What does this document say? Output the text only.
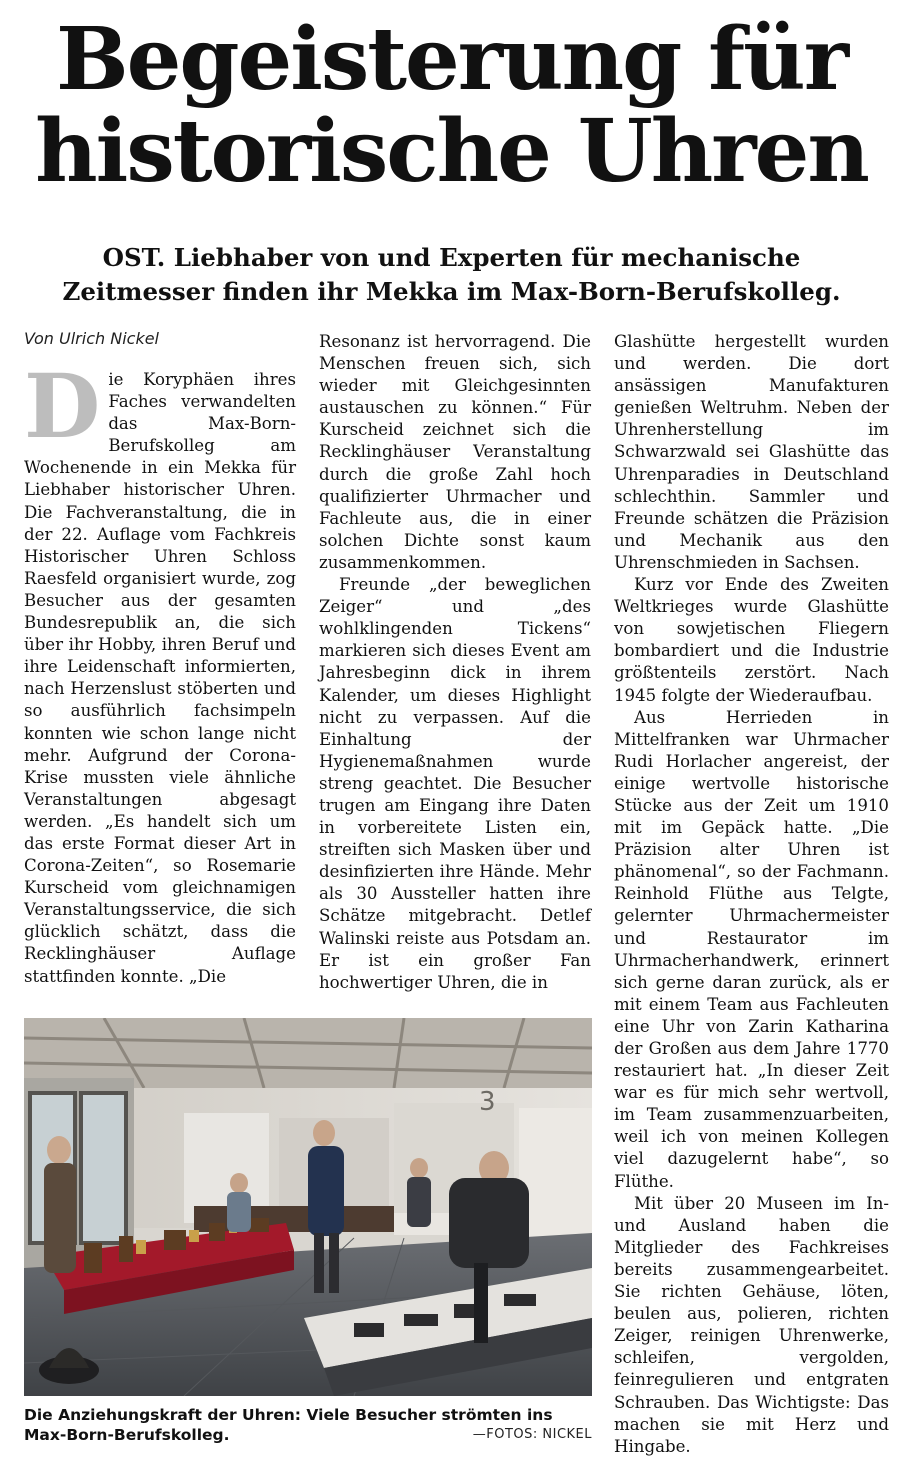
Begeisterung für
historische Uhren
OST. Liebhaber von und Experten für mechanische
Zeitmesser finden ihr Mekka im Max-Born-Berufskolleg.
Von Ulrich Nickel

Die Koryphäen ihres Faches verwandelten das Max-Born-Berufskolleg am Wochenende in ein Mekka für Liebhaber historischer Uhren. Die Fachveranstaltung, die in der 22. Auflage vom Fachkreis Historischer Uhren Schloss Raesfeld organisiert wurde, zog Besucher aus der gesamten Bundesrepublik an, die sich über ihr Hobby, ihren Beruf und ihre Leidenschaft informierten, nach Herzenslust stöberten und so ausführlich fachsimpeln konnten wie schon lange nicht mehr. Aufgrund der Corona-Krise mussten viele ähnliche Veranstaltungen abgesagt werden. „Es handelt sich um das erste Format dieser Art in Corona-Zeiten“, so Rosemarie Kurscheid vom gleichnamigen Veranstaltungsservice, die sich glücklich schätzt, dass die Recklinghäuser Auflage stattfinden konnte. „Die

Resonanz ist hervorragend. Die Menschen freuen sich, sich wieder mit Gleichgesinnten austauschen zu können.“ Für Kurscheid zeichnet sich die Recklinghäuser Veranstaltung durch die große Zahl hoch qualifizierter Uhrmacher und Fachleute aus, die in einer solchen Dichte sonst kaum zusammenkommen.

Freunde „der beweglichen Zeiger“ und „des wohlklingenden Tickens“ markieren sich dieses Event am Jahresbeginn dick in ihrem Kalender, um dieses Highlight nicht zu verpassen. Auf die Einhaltung der Hygienemaßnahmen wurde streng geachtet. Die Besucher trugen am Eingang ihre Daten in vorbereitete Listen ein, streiften sich Masken über und desinfizierten ihre Hände. Mehr als 30 Aussteller hatten ihre Schätze mitgebracht. Detlef Walinski reiste aus Potsdam an. Er ist ein großer Fan hochwertiger Uhren, die in

Glashütte hergestellt wurden und werden. Die dort ansässigen Manufakturen genießen Weltruhm. Neben der Uhrenherstellung im Schwarzwald sei Glashütte das Uhrenparadies in Deutschland schlechthin. Sammler und Freunde schätzen die Präzision und Mechanik aus den Uhrenschmieden in Sachsen.

Kurz vor Ende des Zweiten Weltkrieges wurde Glashütte von sowjetischen Fliegern bombardiert und die Industrie größtenteils zerstört. Nach 1945 folgte der Wiederaufbau.

Aus Herrieden in Mittelfranken war Uhrmacher Rudi Horlacher angereist, der einige wertvolle historische Stücke aus der Zeit um 1910 mit im Gepäck hatte. „Die Präzision alter Uhren ist phänomenal“, so der Fachmann. Reinhold Flüthe aus Telgte, gelernter Uhrmachermeister und Restaurator im Uhrmacherhandwerk, erinnert sich gerne daran zurück, als er mit einem Team aus Fachleuten eine Uhr von Zarin Katharina der Großen aus dem Jahre 1770 restauriert hat. „In dieser Zeit war es für mich sehr wertvoll, im Team zusammenzuarbeiten, weil ich von meinen Kollegen viel dazugelernt habe“, so Flüthe.

Mit über 20 Museen im In- und Ausland haben die Mitglieder des Fachkreises bereits zusammengearbeitet. Sie richten Gehäuse, löten, beulen aus, polieren, richten Zeiger, reinigen Uhrenwerke, schleifen, vergolden, feinregulieren und entgraten Schrauben. Das Wichtigste: Das machen sie mit Herz und Hingabe.

3
Die Anziehungskraft der Uhren: Viele Besucher strömten ins Max-Born-Berufskolleg.	—FOTOS: NICKEL
